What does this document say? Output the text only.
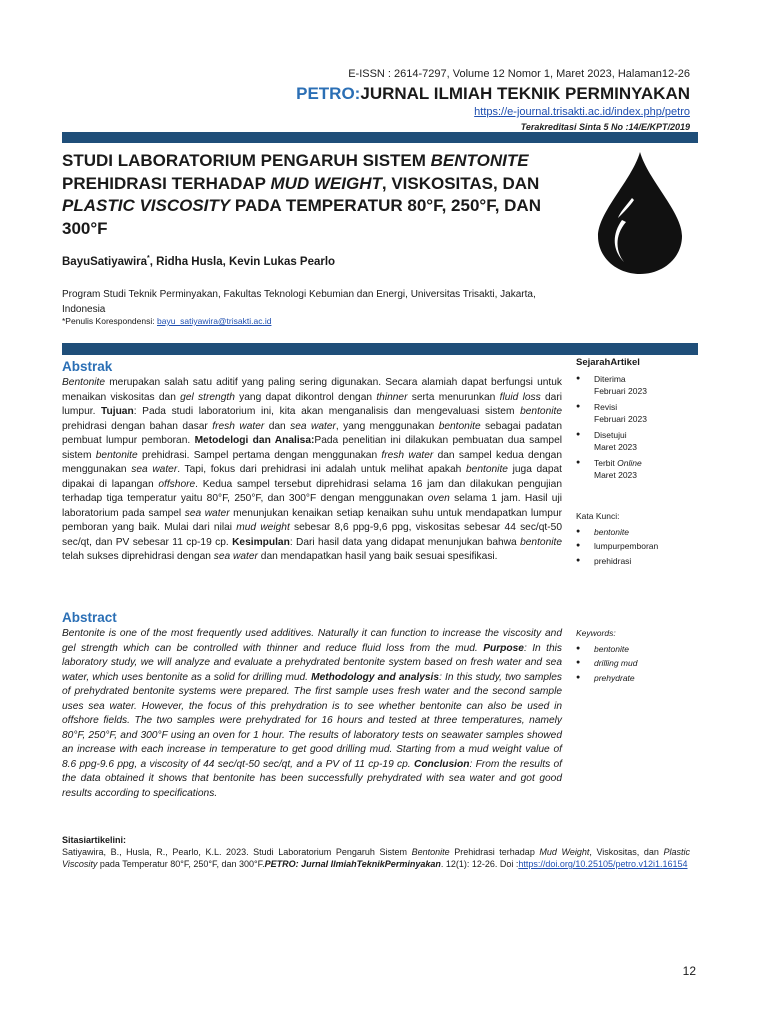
E-ISSN : 2614-7297, Volume 12 Nomor 1, Maret 2023, Halaman12-26
PETRO:JURNAL ILMIAH TEKNIK PERMINYAKAN
https://e-journal.trisakti.ac.id/index.php/petro
Terakreditasi Sinta 5 No :14/E/KPT/2019
STUDI LABORATORIUM PENGARUH SISTEM BENTONITE PREHIDRASI TERHADAP MUD WEIGHT, VISKOSITAS, DAN PLASTIC VISCOSITY PADA TEMPERATUR 80°F, 250°F, DAN 300°F
BayuSatiyawira*, Ridha Husla, Kevin Lukas Pearlo
Program Studi Teknik Perminyakan, Fakultas Teknologi Kebumian dan Energi, Universitas Trisakti, Jakarta, Indonesia
*Penulis Korespondensi: bayu_satiyawira@trisakti.ac.id
Abstrak

Bentonite merupakan salah satu aditif yang paling sering digunakan. Secara alamiah dapat berfungsi untuk menaikan viskositas dan gel strength yang dapat dikontrol dengan thinner serta menurunkan fluid loss dari lumpur. Tujuan: Pada studi laboratorium ini, kita akan menganalisis dan mengevaluasi sistem bentonite prehidrasi dengan bahan dasar fresh water dan sea water, yang menggunakan bentonite sebagai padatan pembuat lumpur pemboran. Metodelogi dan Analisa:Pada penelitian ini dilakukan pembuatan dua sampel sistem bentonite prehidrasi. Sampel pertama dengan menggunakan fresh water dan sampel kedua dengan menggunakan sea water. Tapi, fokus dari prehidrasi ini adalah untuk melihat apakah bentonite juga dapat dipakai di lapangan offshore. Kedua sampel tersebut diprehidrasi selama 16 jam dan dilakukan pengujian terhadap tiga temperatur yaitu 80°F, 250°F, dan 300°F dengan menggunakan oven selama 1 jam. Hasil uji laboratorium pada sampel sea water menunjukan kenaikan setiap kenaikan suhu untuk mendapatkan lumpur pemboran yang baik. Mulai dari nilai mud weight sebesar 8,6 ppg-9,6 ppg, viskositas sebesar 44 sec/qt-50 sec/qt, dan PV sebesar 11 cp-19 cp. Kesimpulan: Dari hasil data yang didapat menunjukan bahwa bentonite telah sukses diprehidrasi dengan sea water dan mendapatkan hasil yang baik sesuai spesifikasi.

SejarahArtikel
● Diterima
Februari 2023
● Revisi
Februari 2023
● Disetujui
Maret 2023
● Terbit Online
Maret 2023
Kata Kunci:
● bentonite
● lumpurpemboran
● prehidrasi
Keywords:
● bentonite
● drilling mud
● prehydrate
Abstract

Bentonite is one of the most frequently used additives. Naturally it can function to increase the viscosity and gel strength which can be controlled with thinner and reduce fluid loss from the mud. Purpose: In this laboratory study, we will analyze and evaluate a prehydrated bentonite system based on fresh water and sea water, which uses bentonite as a solid for drilling mud. Methodology and analysis: In this study, two samples of prehydrated bentonite systems were prepared. The first sample uses fresh water and the second sample uses sea water. However, the focus of this prehydration is to see whether bentonite can also be used in offshore fields. The two samples were prehydrated for 16 hours and tested at three temperatures, namely 80°F, 250°F, and 300°F using an oven for 1 hour. The results of laboratory tests on seawater samples showed an increase with each increase in temperature to get good drilling mud. Starting from a mud weight value of 8.6 ppg-9.6 ppg, a viscosity of 44 sec/qt-50 sec/qt, and a PV of 11 cp-19 cp. Conclusion: From the results of the data obtained it shows that bentonite has been successfully prehydrated with sea water and got good results according to specifications.

Sitasiartikelini:

Satiyawira, B., Husla, R., Pearlo, K.L. 2023. Studi Laboratorium Pengaruh Sistem Bentonite Prehidrasi terhadap Mud Weight, Viskositas, dan Plastic Viscosity pada Temperatur 80°F, 250°F, dan 300°F.PETRO: Jurnal IlmiahTeknikPerminyakan. 12(1): 12-26. Doi :https://doi.org/10.25105/petro.v12i1.16154

12
